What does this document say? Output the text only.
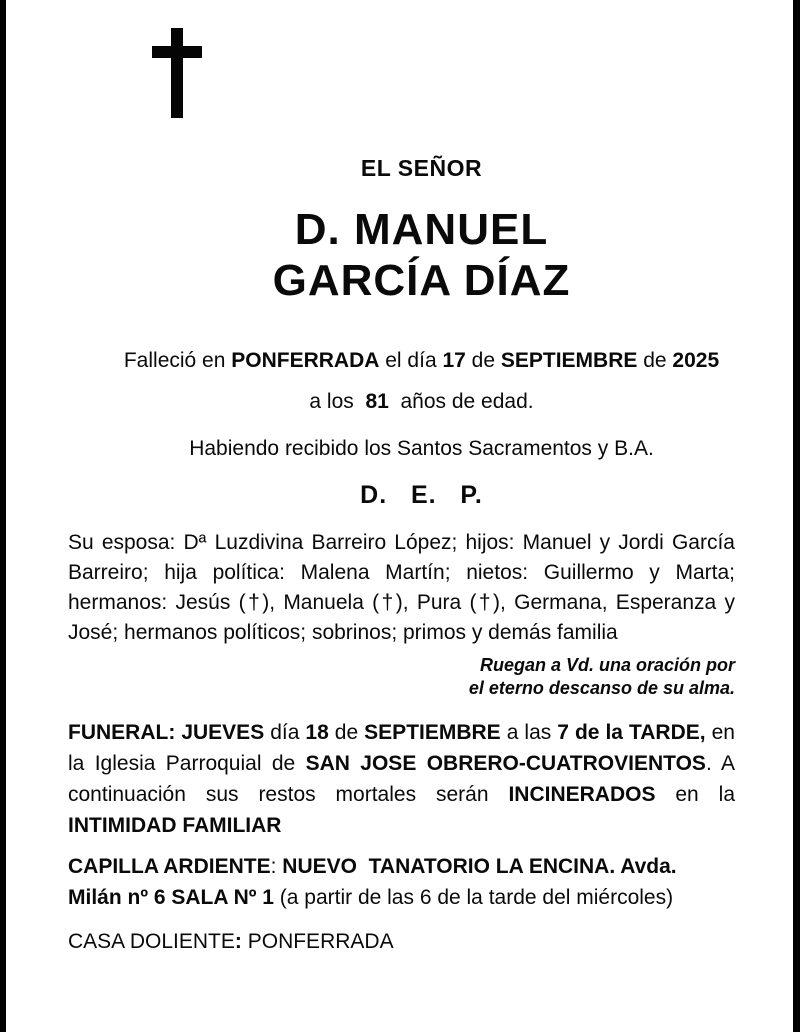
EL SEÑOR
D. MANUEL
GARCÍA DÍAZ
Falleció en PONFERRADA el día 17 de SEPTIEMBRE de 2025
a los  81  años de edad.
Habiendo recibido los Santos Sacramentos y B.A.
D.   E.   P.
Su esposa: Dª Luzdivina Barreiro López; hijos: Manuel y Jordi García Barreiro; hija política: Malena Martín; nietos: Guillermo y Marta; hermanos: Jesús (†), Manuela (†), Pura (†), Germana, Esperanza y José; hermanos políticos; sobrinos; primos y demás familia
Ruegan a Vd. una oración por
el eterno descanso de su alma.
FUNERAL: JUEVES día 18 de SEPTIEMBRE a las 7 de la TARDE, en la Iglesia Parroquial de SAN JOSE OBRERO-CUATROVIENTOS. A continuación sus restos mortales serán INCINERADOS en la INTIMIDAD FAMILIAR
CAPILLA ARDIENTE: NUEVO  TANATORIO LA ENCINA. Avda. Milán nº 6 SALA Nº 1 (a partir de las 6 de la tarde del miércoles)
CASA DOLIENTE: PONFERRADA
